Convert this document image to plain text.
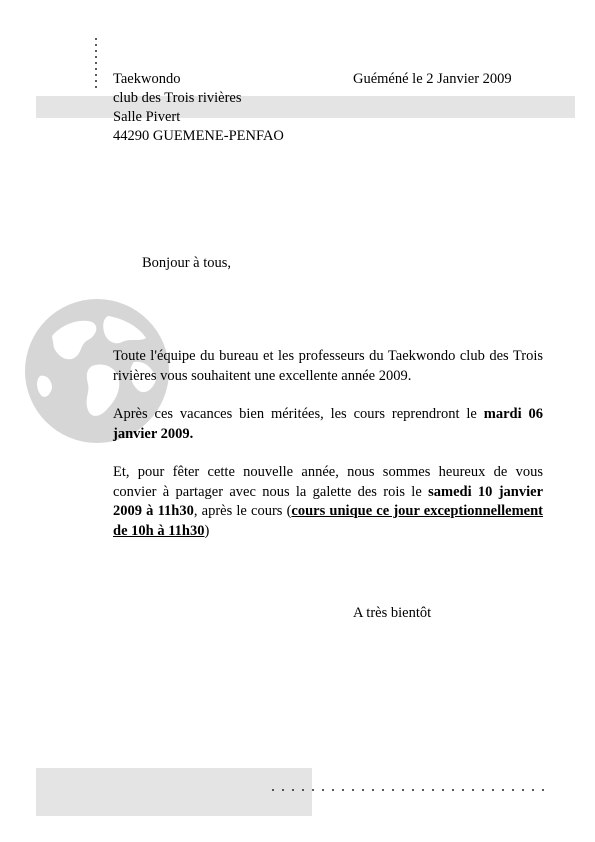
Taekwondo
club des Trois rivières
Salle Pivert
44290 GUEMENE-PENFAO
Guéméné le 2 Janvier 2009
Bonjour à tous,

Toute l'équipe du bureau et les professeurs du Taekwondo club des Trois rivières vous souhaitent une excellente année 2009.

Après ces vacances bien méritées, les cours reprendront le mardi 06 janvier 2009.

Et, pour fêter cette nouvelle année, nous sommes heureux de vous convier à partager avec nous la galette des rois le samedi 10 janvier 2009 à 11h30, après le cours (cours unique ce jour exceptionnellement de 10h à 11h30)

A très bientôt
